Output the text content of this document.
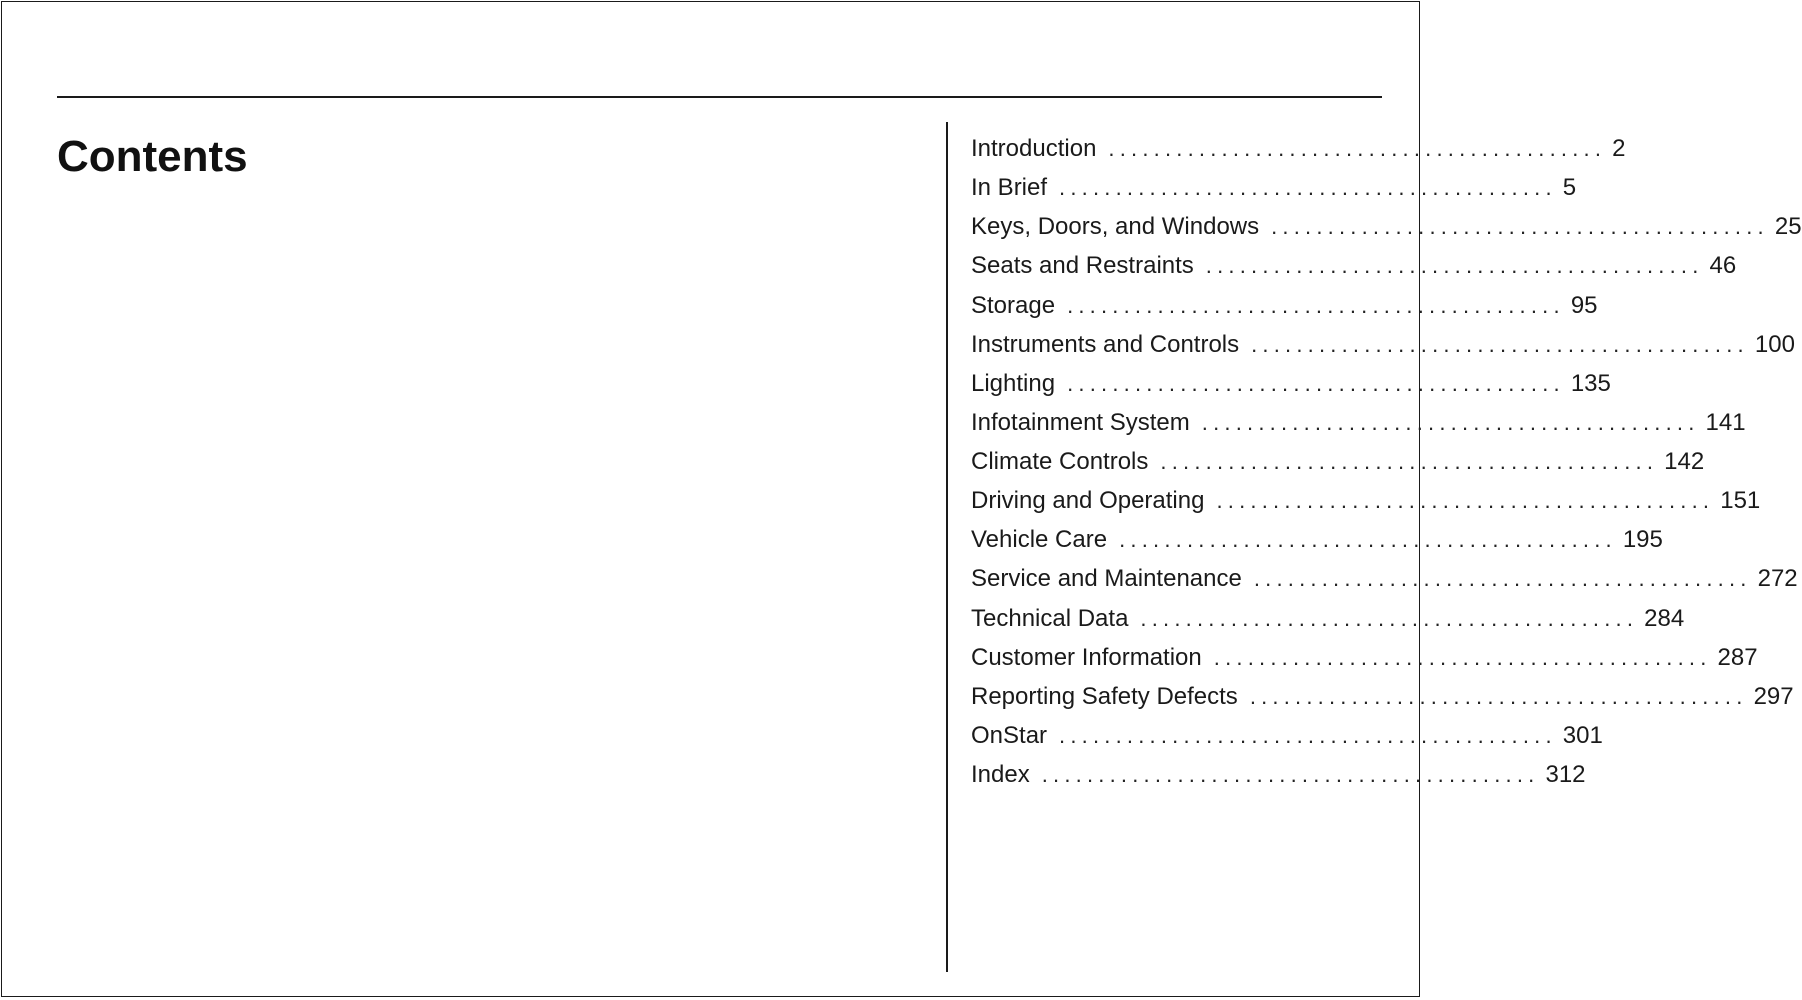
Contents	Introduction ............................................ 2
In Brief ............................................ 5
Keys, Doors, and Windows ............................................ 25
Seats and Restraints ............................................ 46
Storage ............................................ 95
Instruments and Controls ............................................ 100
Lighting ............................................ 135
Infotainment System ............................................ 141
Climate Controls ............................................ 142
Driving and Operating ............................................ 151
Vehicle Care ............................................ 195
Service and Maintenance ............................................ 272
Technical Data ............................................ 284
Customer Information ............................................ 287
Reporting Safety Defects ............................................ 297
OnStar ............................................ 301
Index ............................................ 312
